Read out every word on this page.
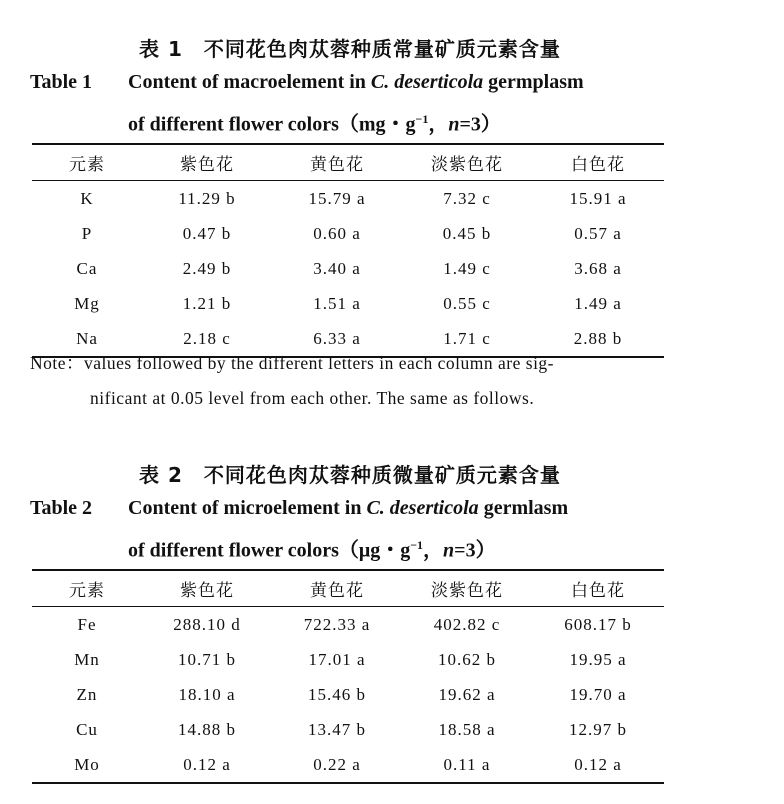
表 1　不同花色肉苁蓉种质常量矿质元素含量
Table 1 Content of macroelement in C. deserticola germplasm
of different flower colors（mg・$g^{-1}$，n=3）
元素	紫色花	黄色花	淡紫色花	白色花
K	11.29 b	15.79 a	7.32 c	15.91 a
P	0.47 b	0.60 a	0.45 b	0.57 a
Ca	2.49 b	3.40 a	1.49 c	3.68 a
Mg	1.21 b	1.51 a	0.55 c	1.49 a
Na	2.18 c	6.33 a	1.71 c	2.88 b
Note：values followed by the different letters in each column are sig-
nificant at 0.05 level from each other. The same as follows.
表 2　不同花色肉苁蓉种质微量矿质元素含量
Table 2 Content of microelement in C. deserticola germlasm
of different flower colors（μg・$g^{-1}$，n=3）
元素	紫色花	黄色花	淡紫色花	白色花
Fe	288.10 d	722.33 a	402.82 c	608.17 b
Mn	10.71 b	17.01 a	10.62 b	19.95 a
Zn	18.10 a	15.46 b	19.62 a	19.70 a
Cu	14.88 b	13.47 b	18.58 a	12.97 b
Mo	0.12 a	0.22 a	0.11 a	0.12 a
